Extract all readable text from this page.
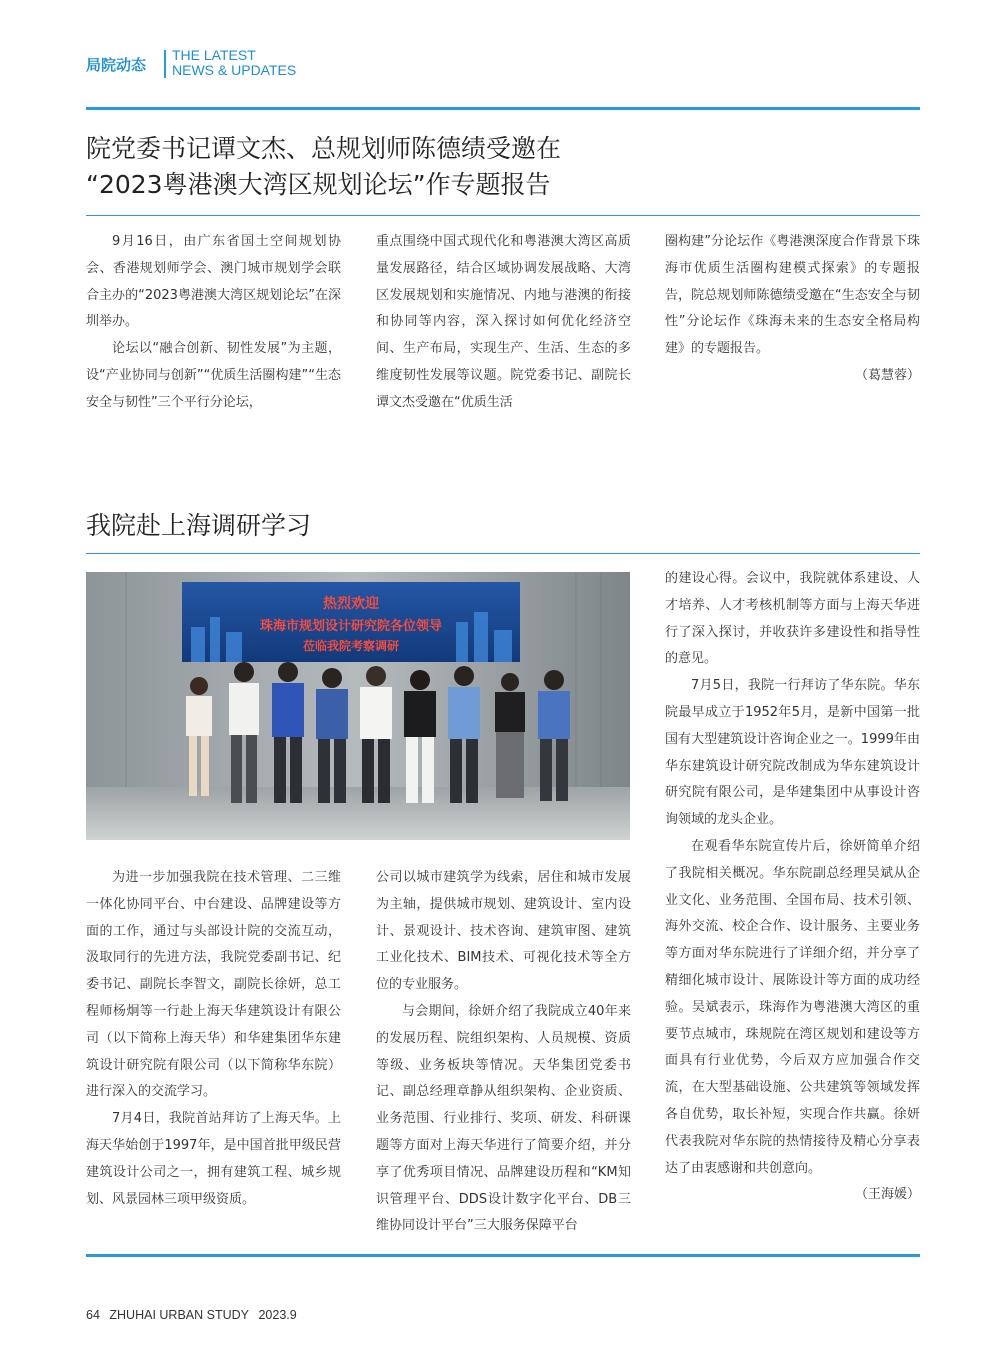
局院动态
THE LATEST
NEWS & UPDATES
院党委书记谭文杰、总规划师陈德绩受邀在
“2023粤港澳大湾区规划论坛”作专题报告

9月16日，由广东省国土空间规划协会、香港规划师学会、澳门城市规划学会联合主办的“2023粤港澳大湾区规划论坛”在深圳举办。

论坛以“融合创新、韧性发展”为主题，设“产业协同与创新”“优质生活圈构建”“生态安全与韧性”三个平行分论坛，

重点围绕中国式现代化和粤港澳大湾区高质量发展路径，结合区域协调发展战略、大湾区发展规划和实施情况、内地与港澳的衔接和协同等内容，深入探讨如何优化经济空间、生产布局，实现生产、生活、生态的多维度韧性发展等议题。院党委书记、副院长谭文杰受邀在“优质生活

圈构建”分论坛作《粤港澳深度合作背景下珠海市优质生活圈构建模式探索》的专题报告，院总规划师陈德绩受邀在“生态安全与韧性”分论坛作《珠海未来的生态安全格局构建》的专题报告。

（葛慧蓉）

我院赴上海调研学习
热烈欢迎
珠海市规划设计研究院各位领导
莅临我院考察调研

为进一步加强我院在技术管理、二三维一体化协同平台、中台建设、品牌建设等方面的工作，通过与头部设计院的交流互动，汲取同行的先进方法，我院党委副书记、纪委书记、副院长李智文，副院长徐妍，总工程师杨炯等一行赴上海天华建筑设计有限公司（以下简称上海天华）和华建集团华东建筑设计研究院有限公司（以下简称华东院）进行深入的交流学习。

7月4日，我院首站拜访了上海天华。上海天华始创于1997年，是中国首批甲级民营建筑设计公司之一，拥有建筑工程、城乡规划、风景园林三项甲级资质。

公司以城市建筑学为线索，居住和城市发展为主轴，提供城市规划、建筑设计、室内设计、景观设计、技术咨询、建筑审图、建筑工业化技术、BIM技术、可视化技术等全方位的专业服务。

与会期间，徐妍介绍了我院成立40年来的发展历程、院组织架构、人员规模、资质等级、业务板块等情况。天华集团党委书记、副总经理章静从组织架构、企业资质、业务范围、行业排行、奖项、研发、科研课题等方面对上海天华进行了简要介绍，并分享了优秀项目情况、品牌建设历程和“KM知识管理平台、DDS设计数字化平台、DB三维协同设计平台”三大服务保障平台

的建设心得。会议中，我院就体系建设、人才培养、人才考核机制等方面与上海天华进行了深入探讨，并收获许多建设性和指导性的意见。

7月5日，我院一行拜访了华东院。华东院最早成立于1952年5月，是新中国第一批国有大型建筑设计咨询企业之一。1999年由华东建筑设计研究院改制成为华东建筑设计研究院有限公司，是华建集团中从事设计咨询领域的龙头企业。

在观看华东院宣传片后，徐妍简单介绍了我院相关概况。华东院副总经理吴斌从企业文化、业务范围、全国布局、技术引领、海外交流、校企合作、设计服务、主要业务等方面对华东院进行了详细介绍，并分享了精细化城市设计、展陈设计等方面的成功经验。吴斌表示，珠海作为粤港澳大湾区的重要节点城市，珠规院在湾区规划和建设等方面具有行业优势，今后双方应加强合作交流，在大型基础设施、公共建筑等领域发挥各自优势，取长补短，实现合作共赢。徐妍代表我院对华东院的热情接待及精心分享表达了由衷感谢和共创意向。

（王海媛）

64 ZHUHAI URBAN STUDY 2023.9
